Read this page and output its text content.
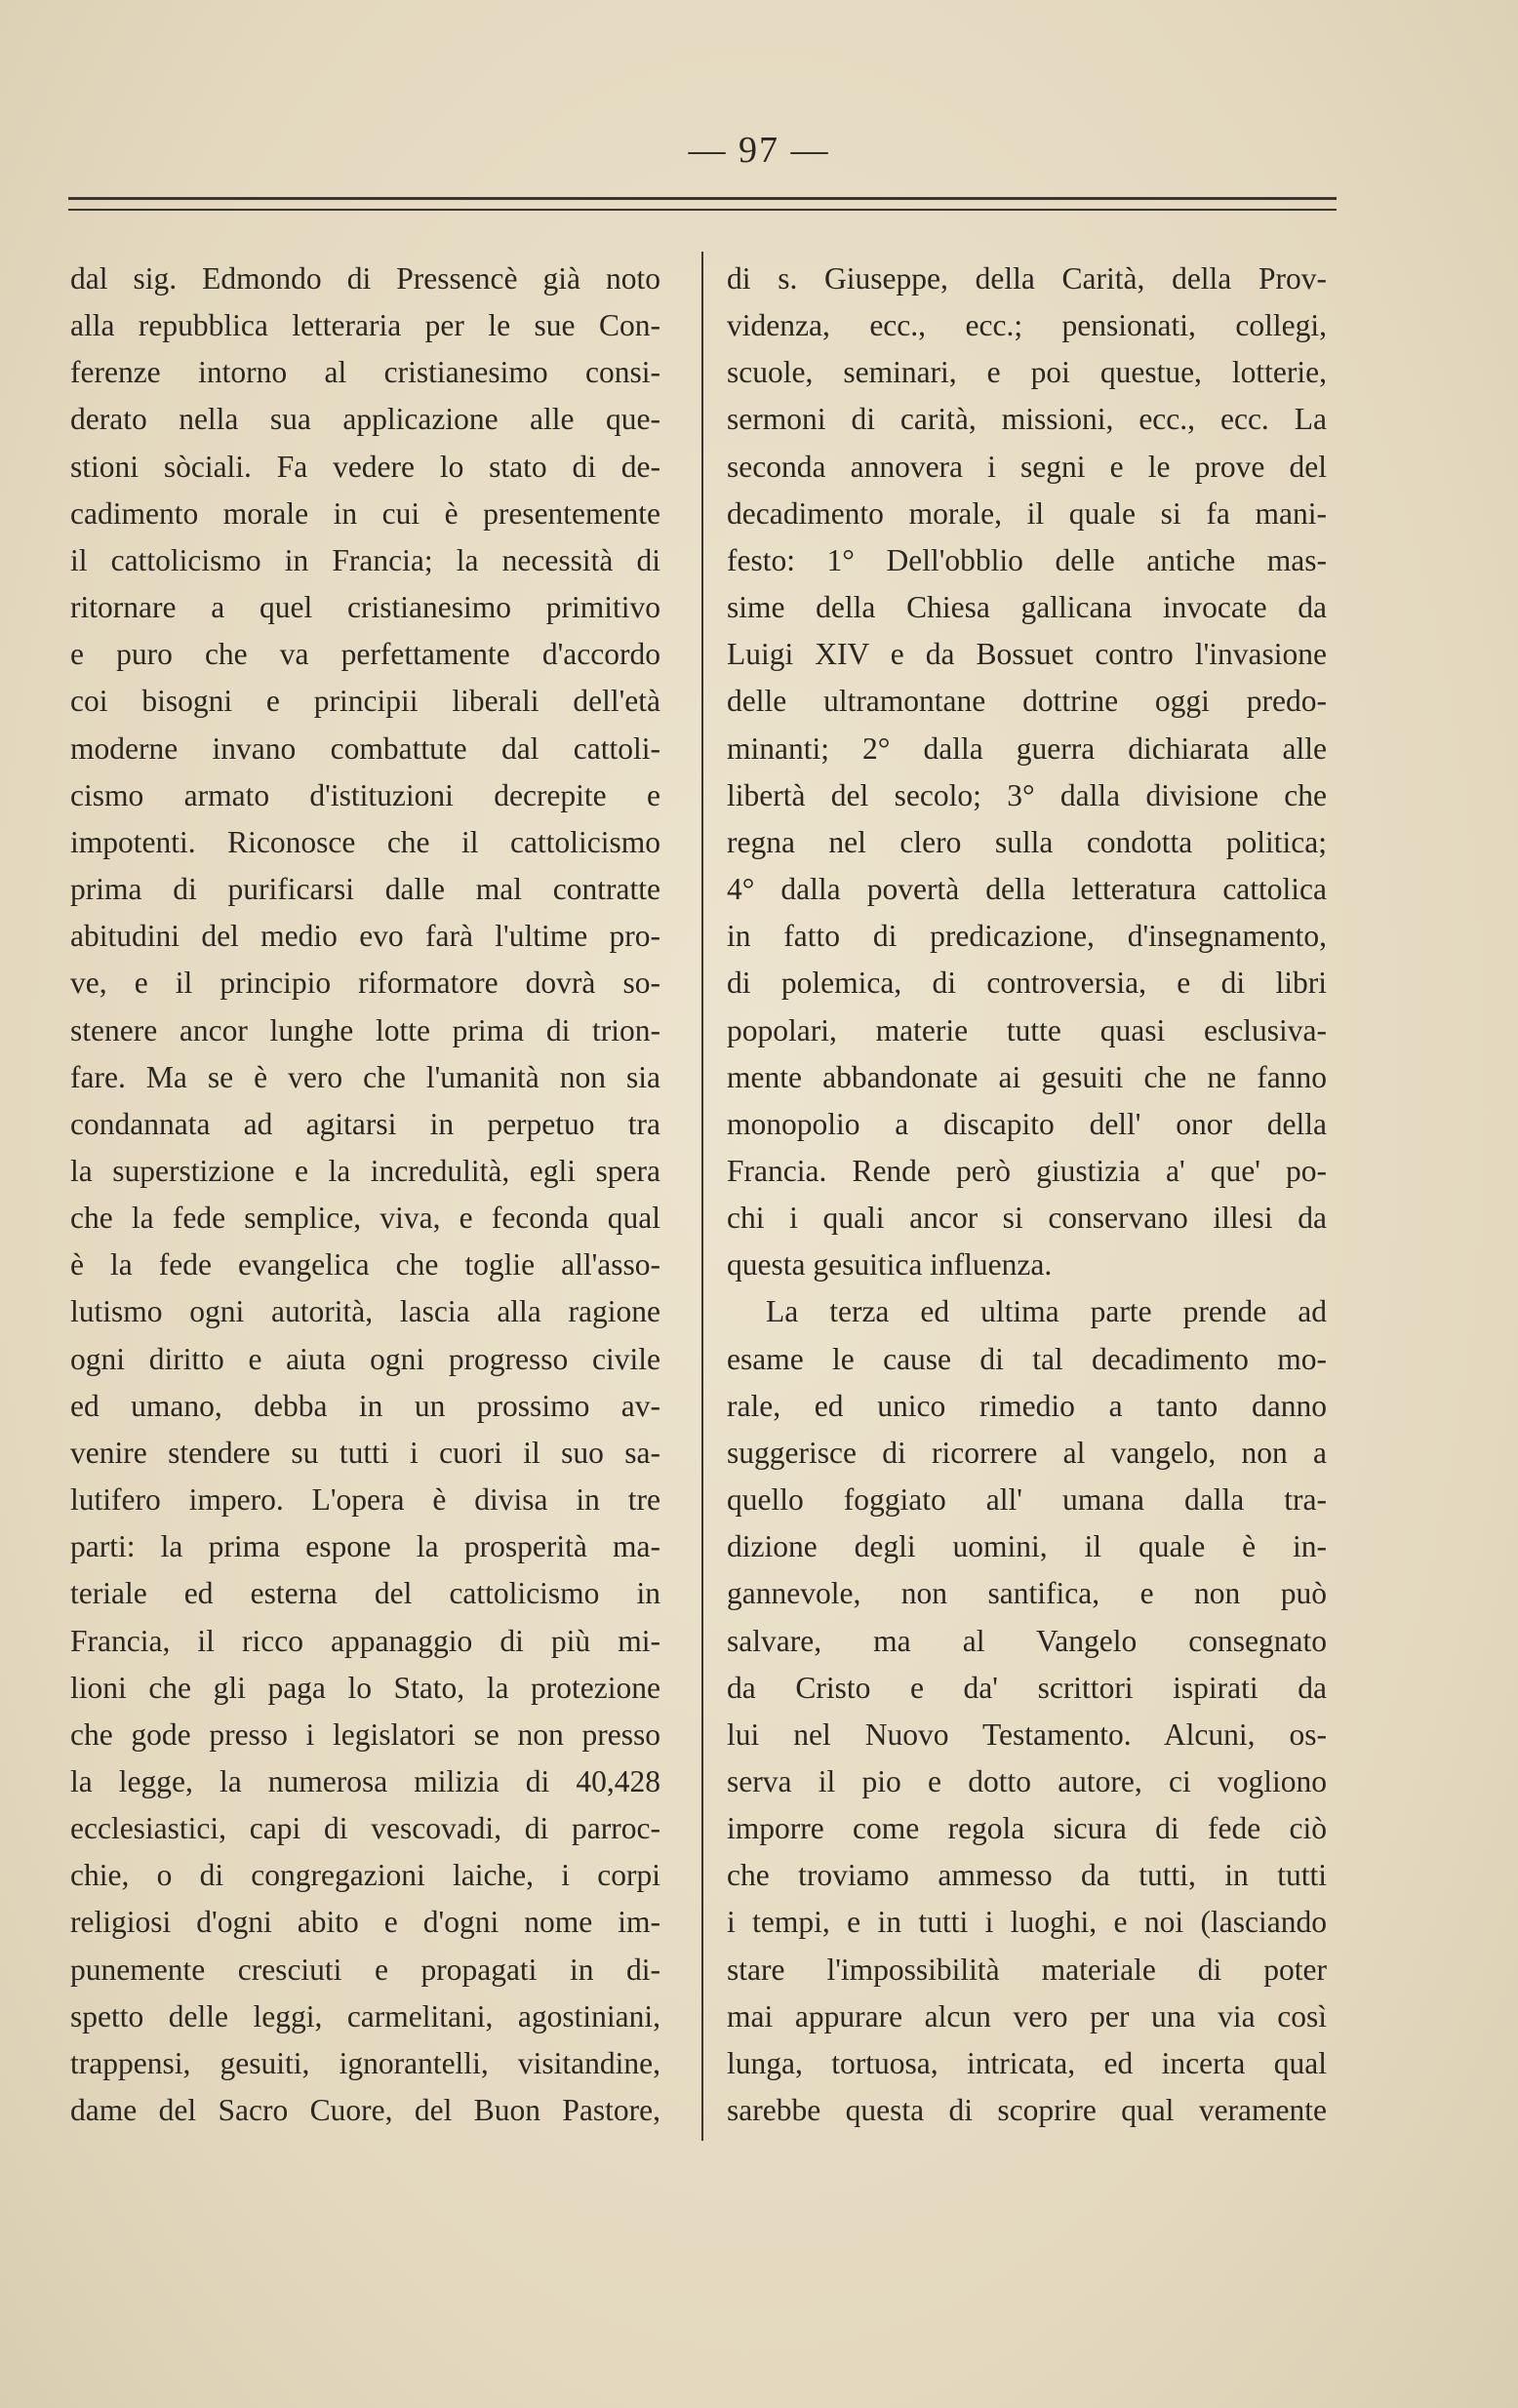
— 97 —
dal sig. Edmondo di Pressencè già noto
alla repubblica letteraria per le sue Con-
ferenze intorno al cristianesimo consi-
derato nella sua applicazione alle que-
stioni sòciali. Fa vedere lo stato di de-
cadimento morale in cui è presentemente
il cattolicismo in Francia; la necessità di
ritornare a quel cristianesimo primitivo
e puro che va perfettamente d'accordo
coi bisogni e principii liberali dell'età
moderne invano combattute dal cattoli-
cismo armato d'istituzioni decrepite e
impotenti. Riconosce che il cattolicismo
prima di purificarsi dalle mal contratte
abitudini del medio evo farà l'ultime pro-
ve, e il principio riformatore dovrà so-
stenere ancor lunghe lotte prima di trion-
fare. Ma se è vero che l'umanità non sia
condannata ad agitarsi in perpetuo tra
la superstizione e la incredulità, egli spera
che la fede semplice, viva, e feconda qual
è la fede evangelica che toglie all'asso-
lutismo ogni autorità, lascia alla ragione
ogni diritto e aiuta ogni progresso civile
ed umano, debba in un prossimo av-
venire stendere su tutti i cuori il suo sa-
lutifero impero. L'opera è divisa in tre
parti: la prima espone la prosperità ma-
teriale ed esterna del cattolicismo in
Francia, il ricco appanaggio di più mi-
lioni che gli paga lo Stato, la protezione
che gode presso i legislatori se non presso
la legge, la numerosa milizia di 40,428
ecclesiastici, capi di vescovadi, di parroc-
chie, o di congregazioni laiche, i corpi
religiosi d'ogni abito e d'ogni nome im-
punemente cresciuti e propagati in di-
spetto delle leggi, carmelitani, agostiniani,
trappensi, gesuiti, ignorantelli, visitandine,
dame del Sacro Cuore, del Buon Pastore,
di s. Giuseppe, della Carità, della Prov-
videnza, ecc., ecc.; pensionati, collegi,
scuole, seminari, e poi questue, lotterie,
sermoni di carità, missioni, ecc., ecc. La
seconda annovera i segni e le prove del
decadimento morale, il quale si fa mani-
festo: 1° Dell'obblio delle antiche mas-
sime della Chiesa gallicana invocate da
Luigi XIV e da Bossuet contro l'invasione
delle ultramontane dottrine oggi predo-
minanti; 2° dalla guerra dichiarata alle
libertà del secolo; 3° dalla divisione che
regna nel clero sulla condotta politica;
4° dalla povertà della letteratura cattolica
in fatto di predicazione, d'insegnamento,
di polemica, di controversia, e di libri
popolari, materie tutte quasi esclusiva-
mente abbandonate ai gesuiti che ne fanno
monopolio a discapito dell' onor della
Francia. Rende però giustizia a' que' po-
chi i quali ancor si conservano illesi da
questa gesuitica influenza.
La terza ed ultima parte prende ad
esame le cause di tal decadimento mo-
rale, ed unico rimedio a tanto danno
suggerisce di ricorrere al vangelo, non a
quello foggiato all' umana dalla tra-
dizione degli uomini, il quale è in-
gannevole, non santifica, e non può
salvare, ma al Vangelo consegnato
da Cristo e da' scrittori ispirati da
lui nel Nuovo Testamento. Alcuni, os-
serva il pio e dotto autore, ci vogliono
imporre come regola sicura di fede ciò
che troviamo ammesso da tutti, in tutti
i tempi, e in tutti i luoghi, e noi (lasciando
stare l'impossibilità materiale di poter
mai appurare alcun vero per una via così
lunga, tortuosa, intricata, ed incerta qual
sarebbe questa di scoprire qual veramente
